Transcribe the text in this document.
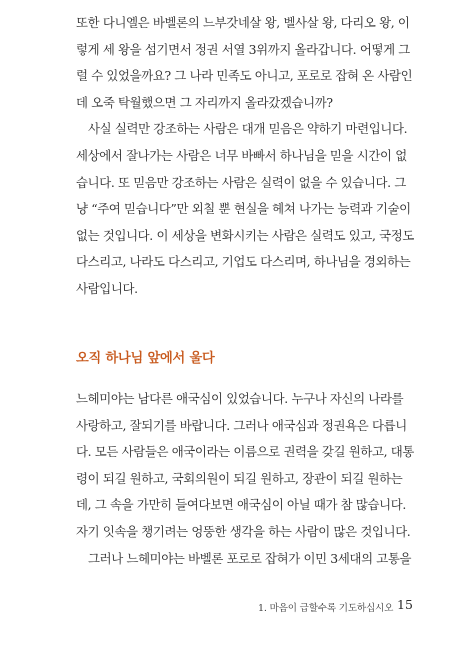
또한 다니엘은 바벨론의 느부갓네살 왕, 벨사살 왕, 다리오 왕, 이
렇게 세 왕을 섬기면서 정권 서열 3위까지 올라갑니다. 어떻게 그
럴 수 있었을까요? 그 나라 민족도 아니고, 포로로 잡혀 온 사람인
데 오죽 탁월했으면 그 자리까지 올라갔겠습니까?
사실 실력만 강조하는 사람은 대개 믿음은 약하기 마련입니다.
세상에서 잘나가는 사람은 너무 바빠서 하나님을 믿을 시간이 없
습니다. 또 믿음만 강조하는 사람은 실력이 없을 수 있습니다. 그
냥 “주여 믿습니다”만 외칠 뿐 현실을 헤쳐 나가는 능력과 기술이
없는 것입니다. 이 세상을 변화시키는 사람은 실력도 있고, 국정도
다스리고, 나라도 다스리고, 기업도 다스리며, 하나님을 경외하는
사람입니다.
오직 하나님 앞에서 울다
느헤미야는 남다른 애국심이 있었습니다. 누구나 자신의 나라를
사랑하고, 잘되기를 바랍니다. 그러나 애국심과 정권욕은 다릅니
다. 모든 사람들은 애국이라는 이름으로 권력을 갖길 원하고, 대통
령이 되길 원하고, 국회의원이 되길 원하고, 장관이 되길 원하는
데, 그 속을 가만히 들여다보면 애국심이 아닐 때가 참 많습니다.
자기 잇속을 챙기려는 엉뚱한 생각을 하는 사람이 많은 것입니다.
그러나 느헤미야는 바벨론 포로로 잡혀가 이민 3세대의 고통을
1. 마음이 급할수록 기도하십시오 15
